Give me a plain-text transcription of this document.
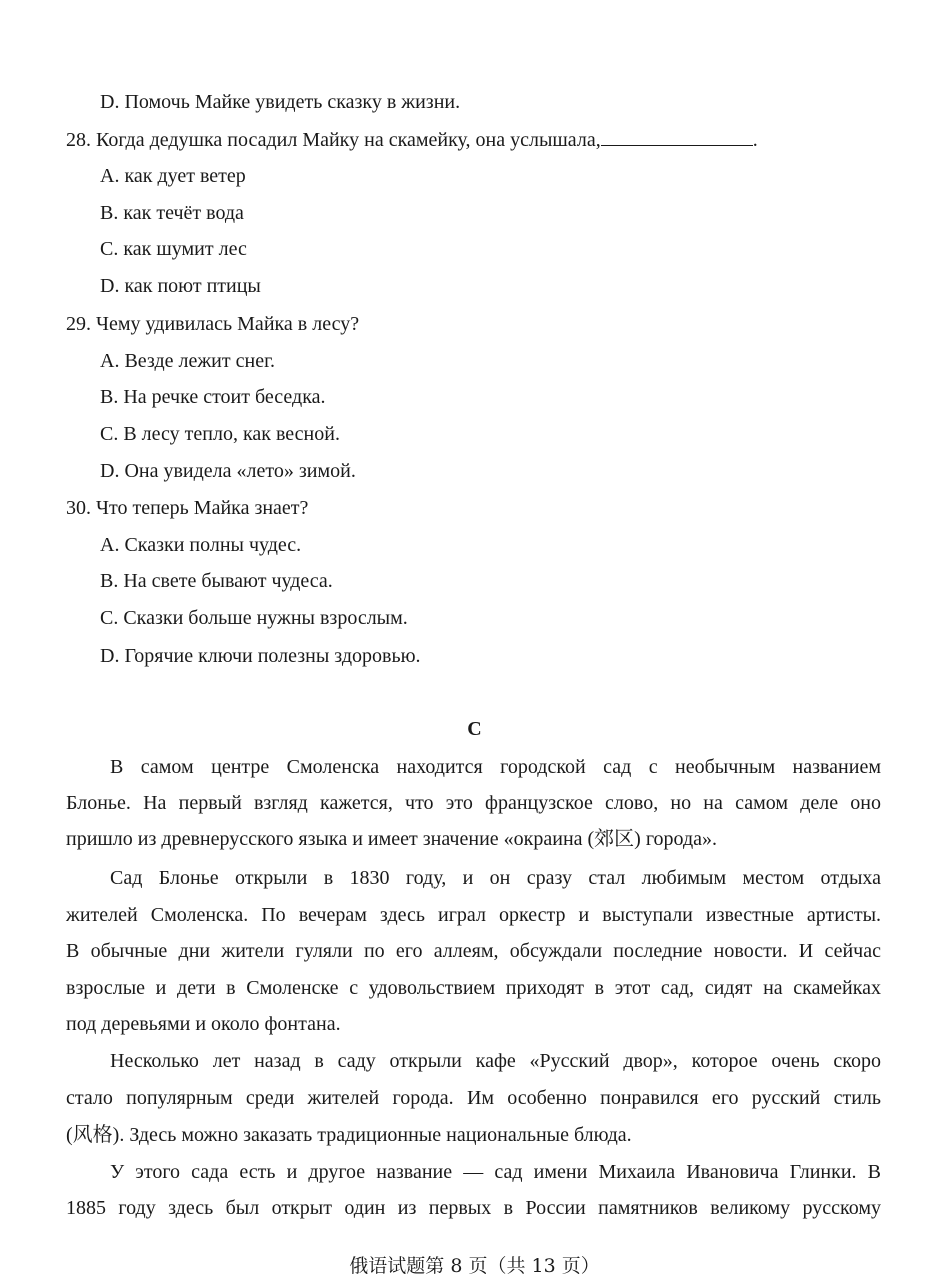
D. Помочь Майке увидеть сказку в жизни.
28. Когда дедушка посадил Майку на скамейку, она услышала,	.
A. как дует ветер
B. как течёт вода
C. как шумит лес
D. как поют птицы
29. Чему удивилась Майка в лесу?
A. Везде лежит снег.
B. На речке стоит беседка.
C. В лесу тепло, как весной.
D. Она увидела «лето» зимой.
30. Что теперь Майка знает?
A. Сказки полны чудес.
B. На свете бывают чудеса.
C. Сказки больше нужны взрослым.
D. Горячие ключи полезны здоровью.
C
В самом центре Смоленска находится городской сад с необычным названием
Блонье. На первый взгляд кажется, что это французское слово, но на самом деле оно
пришло из древнерусского языка и имеет значение «окраина (郊区) города».
Сад Блонье открыли в 1830 году, и он сразу стал любимым местом отдыха
жителей Смоленска. По вечерам здесь играл оркестр и выступали известные артисты.
В обычные дни жители гуляли по его аллеям, обсуждали последние новости. И сейчас
взрослые и дети в Смоленске с удовольствием приходят в этот сад, сидят на скамейках
под деревьями и около фонтана.
Несколько лет назад в саду открыли кафе «Русский двор», которое очень скоро
стало популярным среди жителей города. Им особенно понравился его русский стиль
(风格). Здесь можно заказать традиционные национальные блюда.
У этого сада есть и другое название — сад имени Михаила Ивановича Глинки. В
1885 году здесь был открыт один из первых в России памятников великому русскому
俄语试题第 8 页（共 13 页）
